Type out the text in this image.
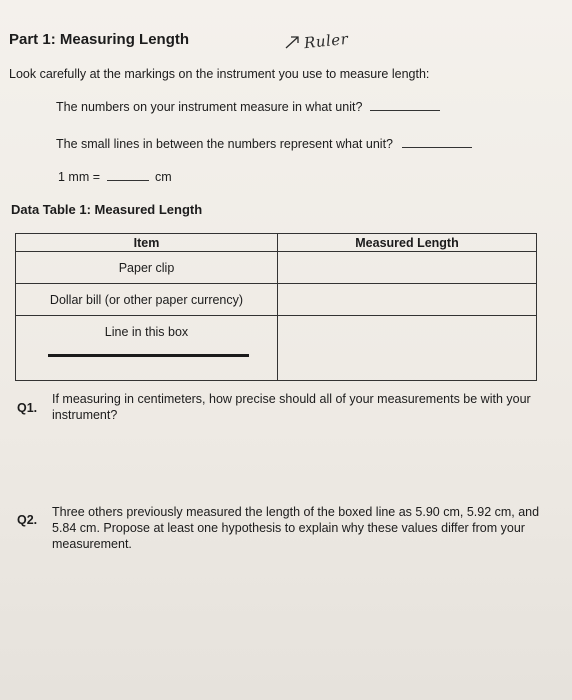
Part 1: Measuring Length	Ruler
Look carefully at the markings on the instrument you use to measure length:
The numbers on your instrument measure in what unit?
The small lines in between the numbers represent what unit?
1 mm =	cm
Data Table 1: Measured Length
Item	Measured Length
Paper clip	
Dollar bill (or other paper currency)	
Line in this box	
Q1.
If measuring in centimeters, how precise should all of your measurements be with your instrument?
Q2.
Three others previously measured the length of the boxed line as 5.90 cm, 5.92 cm, and 5.84 cm. Propose at least one hypothesis to explain why these values differ from your measurement.
